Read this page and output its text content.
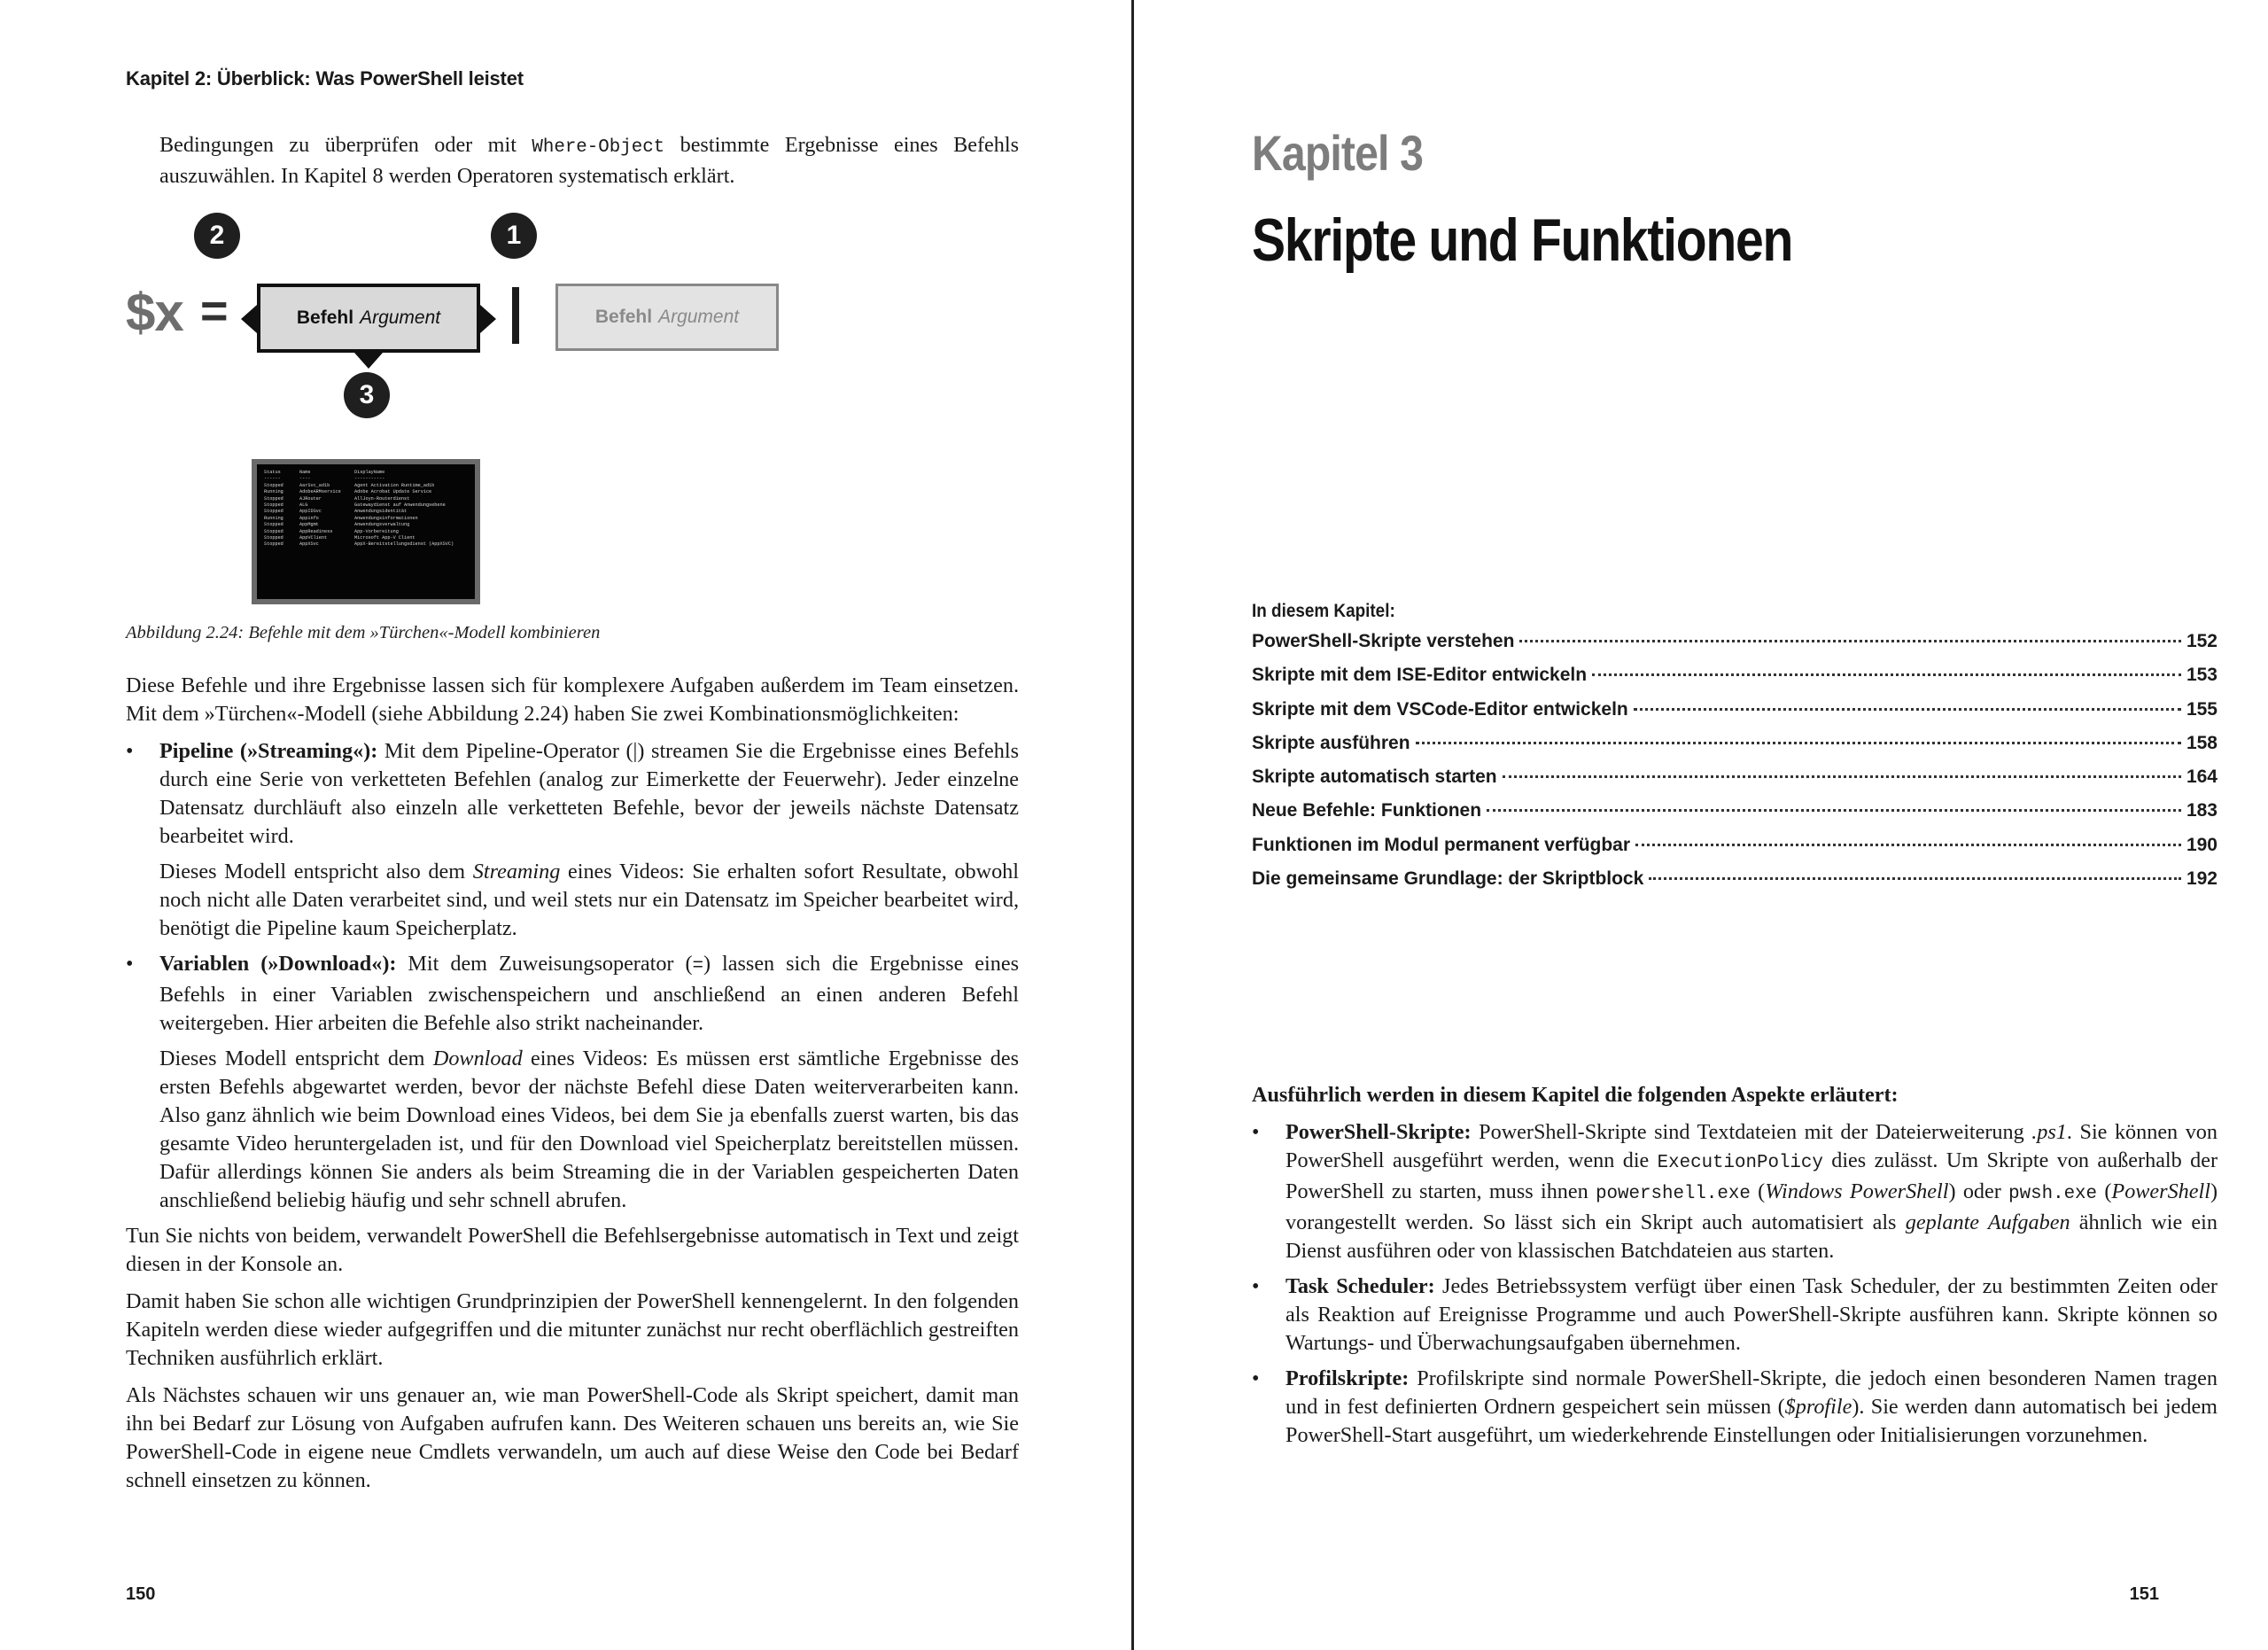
Kapitel 2: Überblick: Was PowerShell leistet

Bedingungen zu überprüfen oder mit Where-Object bestimmte Ergebnisse eines Befehls auszuwählen. In Kapitel 8 werden Operatoren systematisch erklärt.

2	1
3
$x =	Befehl Argument	Befehl Argument
Status	Name	DisplayName
------	----	-----------
Stopped	AarSvc_ad1b	Agent Activation Runtime_ad1b
Running	AdobeARMservice	Adobe Acrobat Update Service
Stopped	AJRouter	AllJoyn-Routerdienst
Stopped	ALG	Gatewaydienst auf Anwendungsebene
Stopped	AppIDSvc	Anwendungsidentität
Running	Appinfo	Anwendungsinformationen
Stopped	AppMgmt	Anwendungsverwaltung
Stopped	AppReadiness	App-Vorbereitung
Stopped	AppVClient	Microsoft App-V Client
Stopped	AppXSvc	AppX-Bereitstellungsdienst (AppXSVC)
Abbildung 2.24: Befehle mit dem »Türchen«-Modell kombinieren

Diese Befehle und ihre Ergebnisse lassen sich für komplexere Aufgaben außerdem im Team einsetzen. Mit dem »Türchen«-Modell (siehe Abbildung 2.24) haben Sie zwei Kombinationsmöglichkeiten:

• Pipeline (»Streaming«): Mit dem Pipeline-Operator (|) streamen Sie die Ergebnisse eines Befehls durch eine Serie von verketteten Befehlen (analog zur Eimerkette der Feuerwehr). Jeder einzelne Datensatz durchläuft also einzeln alle verketteten Befehle, bevor der jeweils nächste Datensatz bearbeitet wird.

Dieses Modell entspricht also dem Streaming eines Videos: Sie erhalten sofort Resultate, obwohl noch nicht alle Daten verarbeitet sind, und weil stets nur ein Datensatz im Speicher bearbeitet wird, benötigt die Pipeline kaum Speicherplatz.

• Variablen (»Download«): Mit dem Zuweisungsoperator (=) lassen sich die Ergebnisse eines Befehls in einer Variablen zwischenspeichern und anschließend an einen anderen Befehl weitergeben. Hier arbeiten die Befehle also strikt nacheinander.

Dieses Modell entspricht dem Download eines Videos: Es müssen erst sämtliche Ergebnisse des ersten Befehls abgewartet werden, bevor der nächste Befehl diese Daten weiterverarbeiten kann. Also ganz ähnlich wie beim Download eines Videos, bei dem Sie ja ebenfalls zuerst warten, bis das gesamte Video heruntergeladen ist, und für den Download viel Speicherplatz bereitstellen müssen. Dafür allerdings können Sie anders als beim Streaming die in der Variablen gespeicherten Daten anschließend beliebig häufig und sehr schnell abrufen.

Tun Sie nichts von beidem, verwandelt PowerShell die Befehlsergebnisse automatisch in Text und zeigt diesen in der Konsole an.

Damit haben Sie schon alle wichtigen Grundprinzipien der PowerShell kennengelernt. In den folgenden Kapiteln werden diese wieder aufgegriffen und die mitunter zunächst nur recht oberflächlich gestreiften Techniken ausführlich erklärt.

Als Nächstes schauen wir uns genauer an, wie man PowerShell-Code als Skript speichert, damit man ihn bei Bedarf zur Lösung von Aufgaben aufrufen kann. Des Weiteren schauen uns bereits an, wie Sie PowerShell-Code in eigene neue Cmdlets verwandeln, um auch auf diese Weise den Code bei Bedarf schnell einsetzen zu können.

150
Kapitel 3
Skripte und Funktionen
In diesem Kapitel:
PowerShell-Skripte verstehen	152
Skripte mit dem ISE-Editor entwickeln	153
Skripte mit dem VSCode-Editor entwickeln	155
Skripte ausführen	158
Skripte automatisch starten	164
Neue Befehle: Funktionen	183
Funktionen im Modul permanent verfügbar	190
Die gemeinsame Grundlage: der Skriptblock	192

Ausführlich werden in diesem Kapitel die folgenden Aspekte erläutert:

• PowerShell-Skripte: PowerShell-Skripte sind Textdateien mit der Dateierweiterung .ps1. Sie können von PowerShell ausgeführt werden, wenn die ExecutionPolicy dies zulässt. Um Skripte von außerhalb der PowerShell zu starten, muss ihnen powershell.exe (Windows PowerShell) oder pwsh.exe (PowerShell) vorangestellt werden. So lässt sich ein Skript auch automatisiert als geplante Aufgaben ähnlich wie ein Dienst ausführen oder von klassischen Batchdateien aus starten.

• Task Scheduler: Jedes Betriebssystem verfügt über einen Task Scheduler, der zu bestimmten Zeiten oder als Reaktion auf Ereignisse Programme und auch PowerShell-Skripte ausführen kann. Skripte können so Wartungs- und Überwachungsaufgaben übernehmen.

• Profilskripte: Profilskripte sind normale PowerShell-Skripte, die jedoch einen besonderen Namen tragen und in fest definierten Ordnern gespeichert sein müssen ($profile). Sie werden dann automatisch bei jedem PowerShell-Start ausgeführt, um wiederkehrende Einstellungen oder Initialisierungen vorzunehmen.

151
